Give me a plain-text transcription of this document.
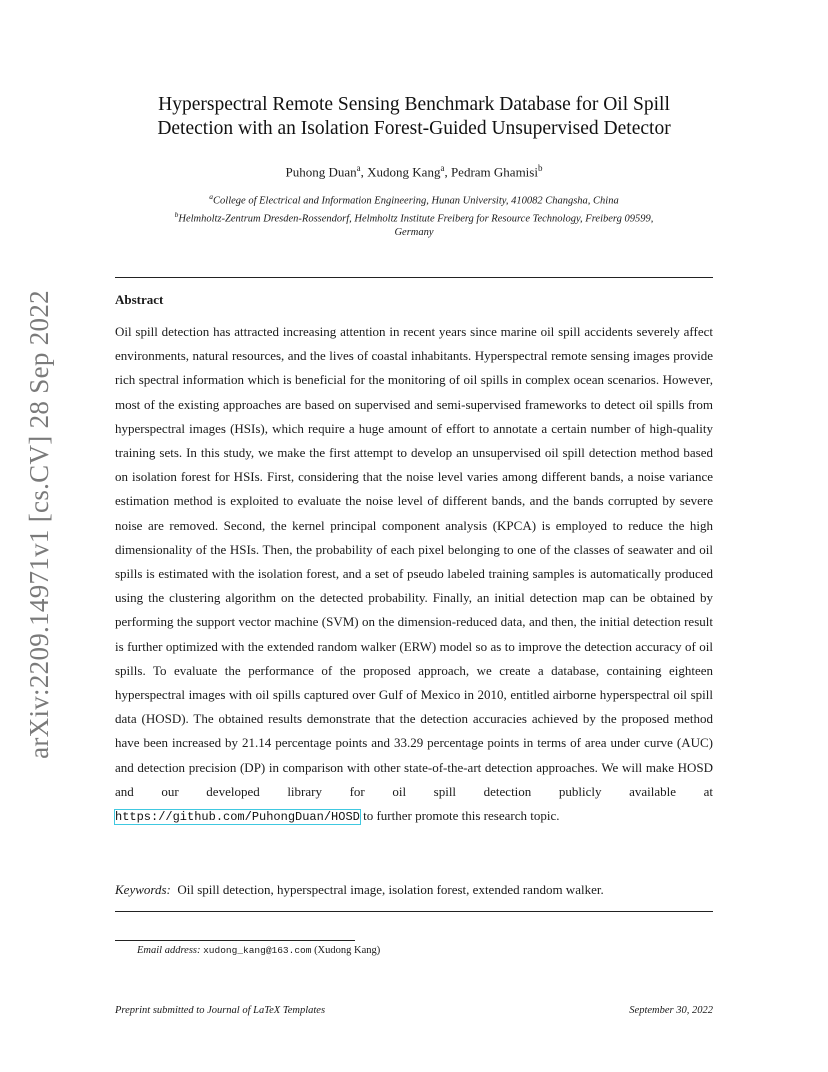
arXiv:2209.14971v1 [cs.CV] 28 Sep 2022
Hyperspectral Remote Sensing Benchmark Database for Oil Spill
Detection with an Isolation Forest-Guided Unsupervised Detector
Puhong Duan$^a$, Xudong Kang$^a$, Pedram Ghamisi$^b$
$^a$College of Electrical and Information Engineering, Hunan University, 410082 Changsha, China
$^b$Helmholtz-Zentrum Dresden-Rossendorf, Helmholtz Institute Freiberg for Resource Technology, Freiberg 09599,
Germany
Abstract

Oil spill detection has attracted increasing attention in recent years since marine oil spill accidents severely affect environments, natural resources, and the lives of coastal inhabitants. Hyperspectral remote sensing images provide rich spectral information which is beneficial for the monitoring of oil spills in complex ocean scenarios. However, most of the existing approaches are based on supervised and semi-supervised frameworks to detect oil spills from hyperspectral images (HSIs), which require a huge amount of effort to annotate a certain number of high-quality training sets. In this study, we make the first attempt to develop an unsupervised oil spill detection method based on isolation forest for HSIs. First, considering that the noise level varies among different bands, a noise variance estimation method is exploited to evaluate the noise level of different bands, and the bands corrupted by severe noise are removed. Second, the kernel principal component analysis (KPCA) is employed to reduce the high dimensionality of the HSIs. Then, the probability of each pixel belonging to one of the classes of seawater and oil spills is estimated with the isolation forest, and a set of pseudo labeled training samples is automatically produced using the clustering algorithm on the detected probability. Finally, an initial detection map can be obtained by performing the support vector machine (SVM) on the dimension-reduced data, and then, the initial detection result is further optimized with the extended random walker (ERW) model so as to improve the detection accuracy of oil spills. To evaluate the performance of the proposed approach, we create a database, containing eighteen hyperspectral images with oil spills captured over Gulf of Mexico in 2010, entitled airborne hyperspectral oil spill data (HOSD). The obtained results demonstrate that the detection accuracies achieved by the proposed method have been increased by 21.14 percentage points and 33.29 percentage points in terms of area under curve (AUC) and detection precision (DP) in comparison with other state-of-the-art detection approaches. We will make HOSD and our developed library for oil spill detection publicly available at https://github.com/PuhongDuan/HOSD to further promote this research topic.

Keywords: Oil spill detection, hyperspectral image, isolation forest, extended random walker.
Email address: xudong_kang@163.com (Xudong Kang)
Preprint submitted to Journal of LaTeX Templates	September 30, 2022
